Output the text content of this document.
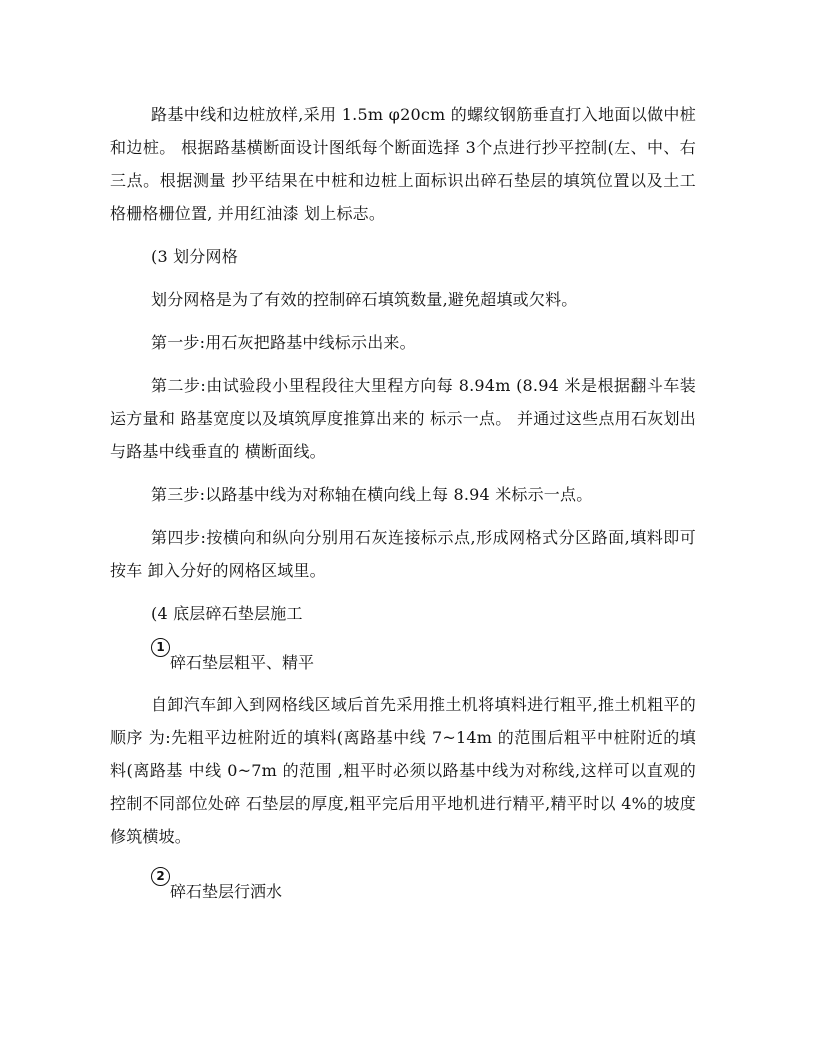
路基中线和边桩放样,采用 1.5m φ20cm 的螺纹钢筋垂直打入地面以做中桩和边桩。 根据路基横断面设计图纸每个断面选择 3个点进行抄平控制(左、中、右三点。根据测量 抄平结果在中桩和边桩上面标识出碎石垫层的填筑位置以及土工格栅格栅位置, 并用红油漆 划上标志。

(3 划分网格

划分网格是为了有效的控制碎石填筑数量,避免超填或欠料。

第一步:用石灰把路基中线标示出来。

第二步:由试验段小里程段往大里程方向每 8.94m (8.94 米是根据翻斗车装运方量和 路基宽度以及填筑厚度推算出来的 标示一点。 并通过这些点用石灰划出与路基中线垂直的 横断面线。

第三步:以路基中线为对称轴在横向线上每 8.94 米标示一点。

第四步:按横向和纵向分别用石灰连接标示点,形成网格式分区路面,填料即可按车 卸入分好的网格区域里。

(4 底层碎石垫层施工

1
碎石垫层粗平、精平

自卸汽车卸入到网格线区域后首先采用推土机将填料进行粗平,推土机粗平的顺序 为:先粗平边桩附近的填料(离路基中线 7~14m 的范围后粗平中桩附近的填料(离路基 中线 0~7m 的范围 ,粗平时必须以路基中线为对称线,这样可以直观的控制不同部位处碎 石垫层的厚度,粗平完后用平地机进行精平,精平时以 4%的坡度修筑横坡。

2
碎石垫层行洒水
